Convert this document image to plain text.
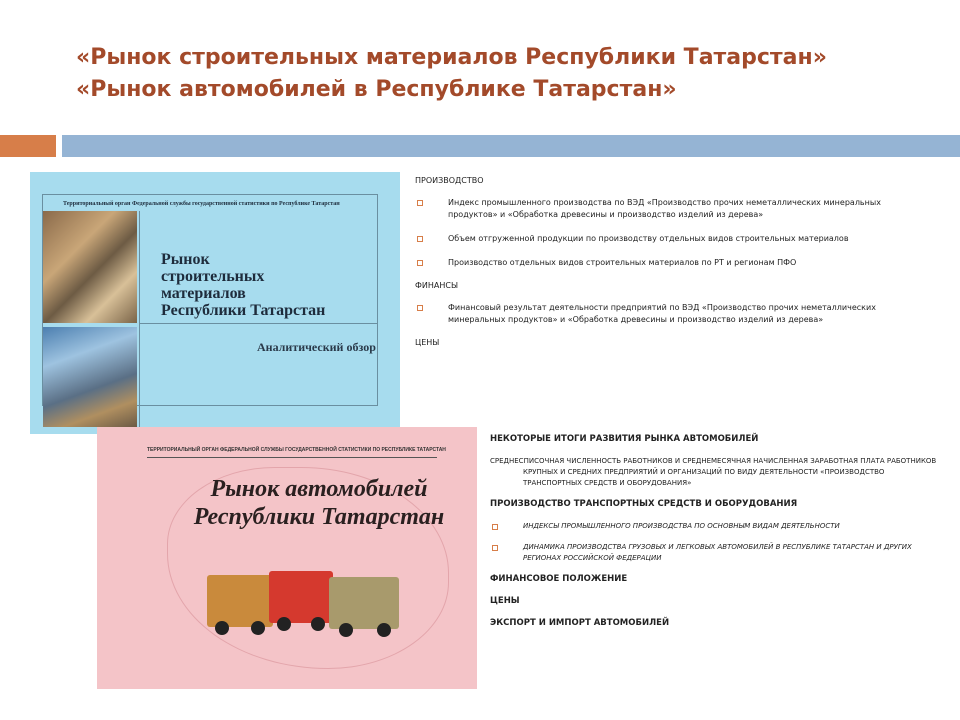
«Рынок строительных материалов Республики Татарстан»
«Рынок автомобилей в Республике Татарстан»
Территориальный орган Федеральной службы государственной статистики по Республике Татарстан
Рынок
строительных
материалов
Республики Татарстан
Аналитический обзор
ТЕРРИТОРИАЛЬНЫЙ ОРГАН ФЕДЕРАЛЬНОЙ СЛУЖБЫ ГОСУДАРСТВЕННОЙ СТАТИСТИКИ ПО РЕСПУБЛИКЕ ТАТАРСТАН
Рынок автомобилей
Республики Татарстан
ПРОИЗВОДСТВО
Индекс промышленного производства по ВЭД «Производство прочих неметаллических минеральных продуктов» и «Обработка древесины и производство изделий из дерева»
Объем отгруженной продукции по производству отдельных видов строительных материалов
Производство отдельных видов строительных материалов по РТ и регионам ПФО
ФИНАНСЫ
Финансовый результат деятельности предприятий по ВЭД «Производство прочих неметаллических минеральных продуктов» и «Обработка древесины и производство изделий из дерева»
ЦЕНЫ
НЕКОТОРЫЕ ИТОГИ РАЗВИТИЯ РЫНКА АВТОМОБИЛЕЙ
СРЕДНЕСПИСОЧНАЯ ЧИСЛЕННОСТЬ РАБОТНИКОВ И СРЕДНЕМЕСЯЧНАЯ НАЧИСЛЕННАЯ ЗАРАБОТНАЯ ПЛАТА РАБОТНИКОВ КРУПНЫХ И СРЕДНИХ ПРЕДПРИЯТИЙ И ОРГАНИЗАЦИЙ ПО ВИДУ ДЕЯТЕЛЬНОСТИ «ПРОИЗВОДСТВО ТРАНСПОРТНЫХ СРЕДСТВ И ОБОРУДОВАНИЯ»
ПРОИЗВОДСТВО ТРАНСПОРТНЫХ СРЕДСТВ И ОБОРУДОВАНИЯ
ИНДЕКСЫ ПРОМЫШЛЕННОГО ПРОИЗВОДСТВА ПО ОСНОВНЫМ ВИДАМ ДЕЯТЕЛЬНОСТИ
ДИНАМИКА ПРОИЗВОДСТВА ГРУЗОВЫХ И ЛЕГКОВЫХ АВТОМОБИЛЕЙ В РЕСПУБЛИКЕ ТАТАРСТАН И ДРУГИХ РЕГИОНАХ РОССИЙСКОЙ ФЕДЕРАЦИИ
ФИНАНСОВОЕ ПОЛОЖЕНИЕ
ЦЕНЫ
ЭКСПОРТ И ИМПОРТ АВТОМОБИЛЕЙ
